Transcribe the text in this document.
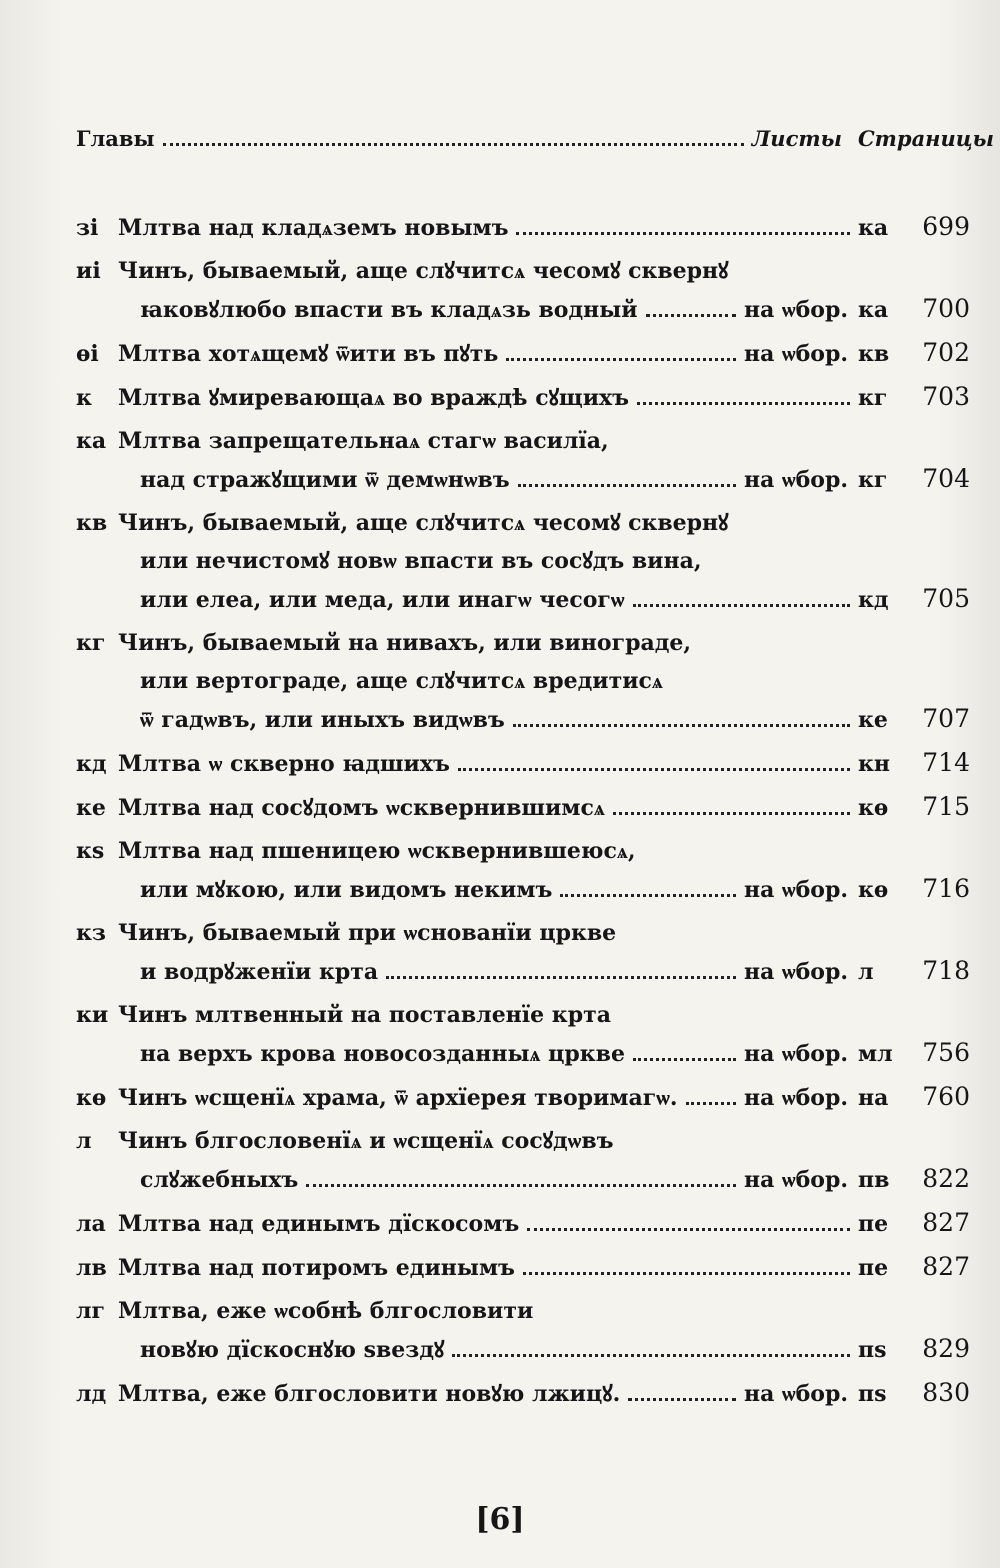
Главы	Листы Страницы
зі Млтва над кладѧземъ новымъ	ка	699
иі Чинъ, бываемый, аще слꙋчитсѧ чесомꙋ сквернꙋ
ꙗковꙋлюбо впасти въ кладѧзь водный	на ѡбор. ка	700
ѳі Млтва хотѧщемꙋ ѿити въ пꙋть	на ѡбор. кв	702
к	Млтва ꙋмиревающаѧ во враждѣ сꙋщихъ	кг	703
ка Млтва запрещательнаѧ стагѡ василїа,
над стражꙋщими ѿ демѡнѡвъ	на ѡбор. кг	704
кв Чинъ, бываемый, аще слꙋчитсѧ чесомꙋ сквернꙋ
или нечистомꙋ новѡ впасти въ сосꙋдъ вина,
или елеа, или меда, или инагѡ чесогѡ	кд	705
кг Чинъ, бываемый на нивахъ, или винограде,
или вертограде, аще слꙋчитсѧ вредитисѧ
ѿ гадѡвъ, или иныхъ видѡвъ	ке	707
кд Млтва ѡ скверно ꙗдшихъ	кн	714
ке Млтва над сосꙋдомъ ѡсквернившимсѧ	кѳ	715
кѕ Млтва над пшеницею ѡсквернившеюсѧ,
или мꙋкою, или видомъ некимъ	на ѡбор. кѳ	716
кз Чинъ, бываемый при ѡснованїи цркве
и водрꙋженїи крта	на ѡбор. л	718
ки Чинъ млтвенный на поставленїе крта
на верхъ крова новосозданныѧ цркве	на ѡбор. мл	756
кѳ Чинъ ѡсщенїѧ храма, ѿ архїерея творимагѡ.	на ѡбор. на	760
л	Чинъ блгословенїѧ и ѡсщенїѧ сосꙋдѡвъ
слꙋжебныхъ	на ѡбор. пв	822
ла Млтва над единымъ дїскосомъ	пе	827
лв Млтва над потиромъ единымъ	пе	827
лг Млтва, еже ѡсобнѣ блгословити
новꙋю дїскоснꙋю ѕвездꙋ	пѕ	829
лд Млтва, еже блгословити новꙋю лжицꙋ.	на ѡбор. пѕ	830
[6]
